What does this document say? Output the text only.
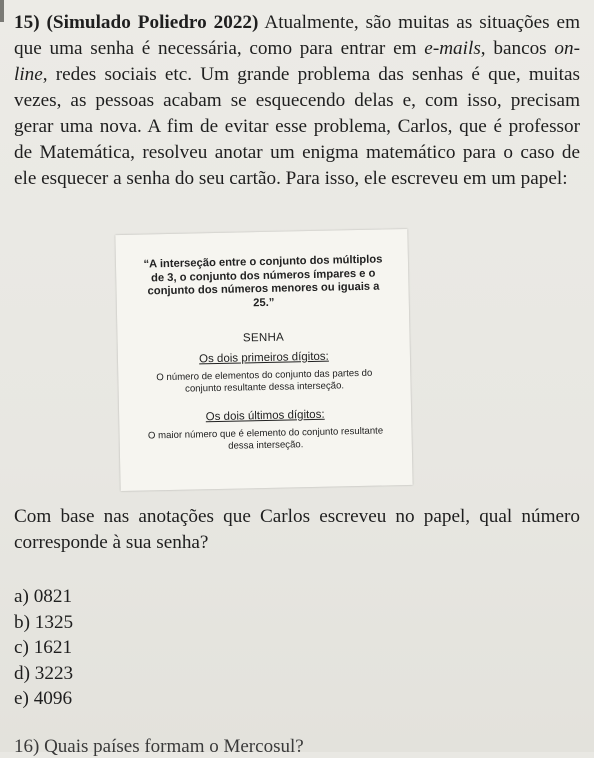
15) (Simulado Poliedro 2022) Atualmente, são muitas as situações em que uma senha é necessária, como para entrar em e-mails, bancos on-line, redes sociais etc. Um grande problema das senhas é que, muitas vezes, as pessoas acabam se esquecendo delas e, com isso, precisam gerar uma nova. A fim de evitar esse problema, Carlos, que é professor de Matemática, resolveu anotar um enigma matemático para o caso de ele esquecer a senha do seu cartão. Para isso, ele escreveu em um papel:
“A interseção entre o conjunto dos múltiplos de 3, o conjunto dos números ímpares e o conjunto dos números menores ou iguais a 25.”
SENHA
Os dois primeiros dígitos:
O número de elementos do conjunto das partes do conjunto resultante dessa interseção.
Os dois últimos dígitos:
O maior número que é elemento do conjunto resultante dessa interseção.
Com base nas anotações que Carlos escreveu no papel, qual número corresponde à sua senha?
a) 0821
b) 1325
c) 1621
d) 3223
e) 4096
16) Quais países formam o Mercosul?
